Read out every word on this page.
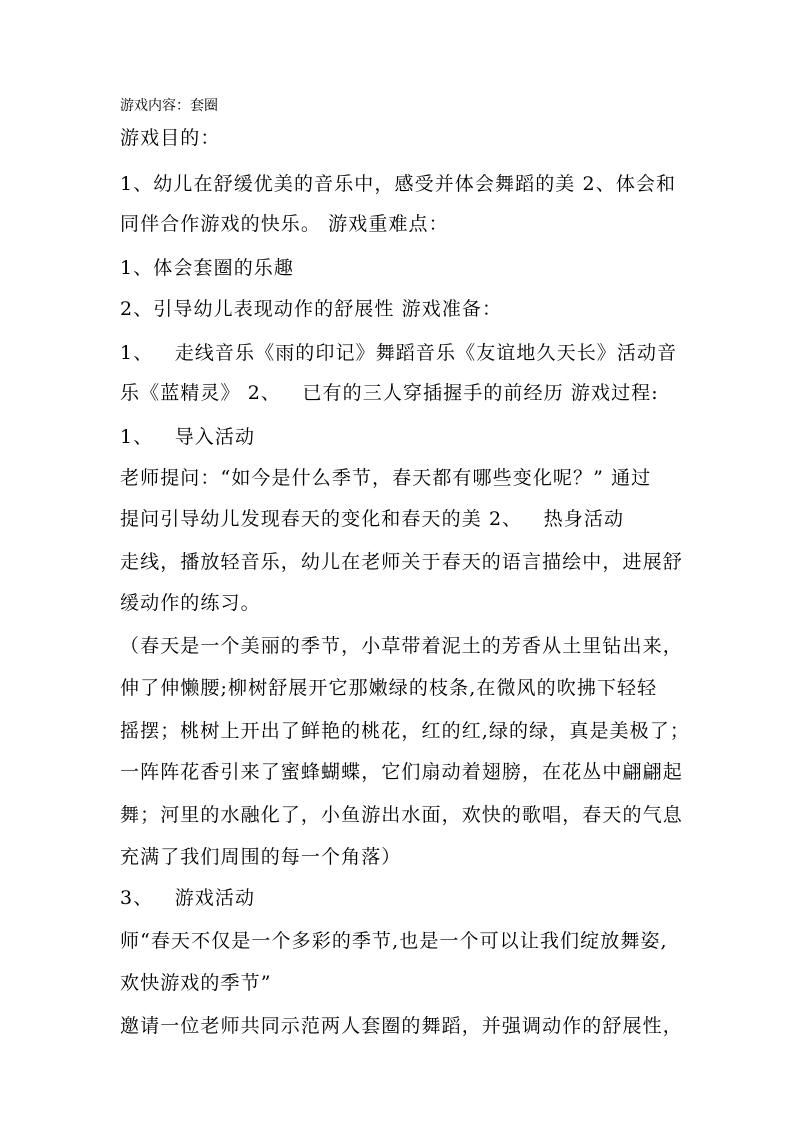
游戏内容：套圈

游戏目的：

1、幼儿在舒缓优美的音乐中，感受并体会舞蹈的美 2、体会和

同伴合作游戏的快乐。 游戏重难点：

1、体会套圈的乐趣

2、引导幼儿表现动作的舒展性 游戏准备：

1、   走线音乐《雨的印记》舞蹈音乐《友谊地久天长》活动音

乐《蓝精灵》 2、   已有的三人穿插握手的前经历 游戏过程:

1、   导入活动

老师提问：“如今是什么季节，春天都有哪些变化呢？” 通过

提问引导幼儿发现春天的变化和春天的美 2、   热身活动

走线，播放轻音乐，幼儿在老师关于春天的语言描绘中，进展舒

缓动作的练习。

（春天是一个美丽的季节，小草带着泥土的芳香从土里钻出来，

伸了伸懒腰;柳树舒展开它那嫩绿的枝条,在微风的吹拂下轻轻

摇摆；桃树上开出了鲜艳的桃花，红的红,绿的绿，真是美极了；

一阵阵花香引来了蜜蜂蝴蝶，它们扇动着翅膀，在花丛中翩翩起

舞；河里的水融化了，小鱼游出水面，欢快的歌唱，春天的气息

充满了我们周围的每一个角落）

3、   游戏活动

师“春天不仅是一个多彩的季节,也是一个可以让我们绽放舞姿,

欢快游戏的季节”

邀请一位老师共同示范两人套圈的舞蹈，并强调动作的舒展性，
